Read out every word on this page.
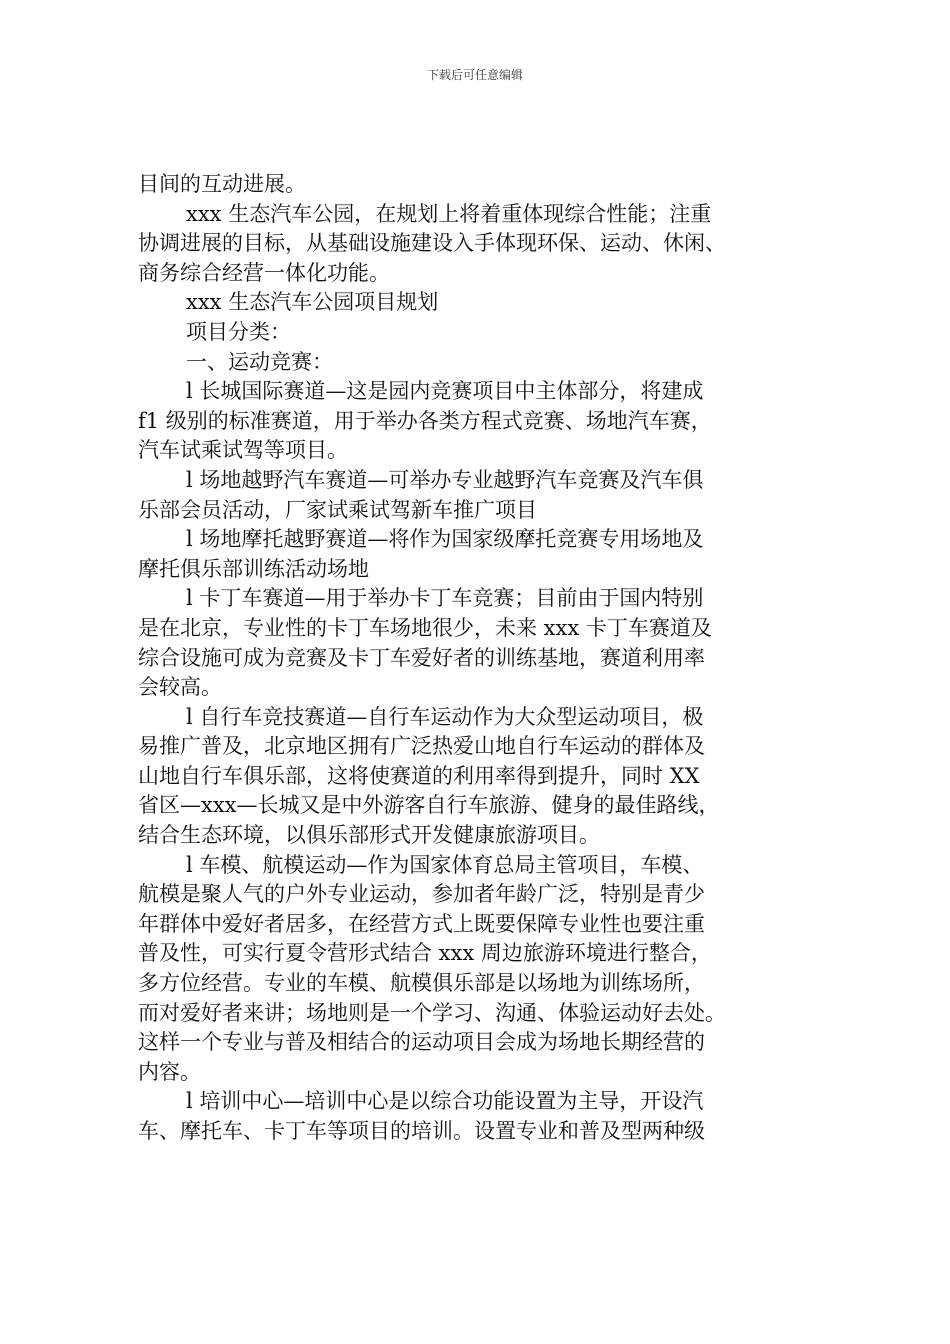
下载后可任意编辑
目间的互动进展。
xxx 生态汽车公园，在规划上将着重体现综合性能；注重
协调进展的目标，从基础设施建设入手体现环保、运动、休闲、
商务综合经营一体化功能。
xxx 生态汽车公园项目规划
项目分类：
一、运动竞赛：
l 长城国际赛道—这是园内竞赛项目中主体部分，将建成
f1 级别的标准赛道，用于举办各类方程式竞赛、场地汽车赛，
汽车试乘试驾等项目。
l 场地越野汽车赛道—可举办专业越野汽车竞赛及汽车俱
乐部会员活动，厂家试乘试驾新车推广项目
l 场地摩托越野赛道—将作为国家级摩托竞赛专用场地及
摩托俱乐部训练活动场地
l 卡丁车赛道—用于举办卡丁车竞赛；目前由于国内特别
是在北京，专业性的卡丁车场地很少，未来 xxx 卡丁车赛道及
综合设施可成为竞赛及卡丁车爱好者的训练基地，赛道利用率
会较高。
l 自行车竞技赛道—自行车运动作为大众型运动项目，极
易推广普及，北京地区拥有广泛热爱山地自行车运动的群体及
山地自行车俱乐部，这将使赛道的利用率得到提升，同时 XX
省区—xxx—长城又是中外游客自行车旅游、健身的最佳路线，
结合生态环境，以俱乐部形式开发健康旅游项目。
l 车模、航模运动—作为国家体育总局主管项目，车模、
航模是聚人气的户外专业运动，参加者年龄广泛，特别是青少
年群体中爱好者居多，在经营方式上既要保障专业性也要注重
普及性，可实行夏令营形式结合 xxx 周边旅游环境进行整合，
多方位经营。专业的车模、航模俱乐部是以场地为训练场所，
而对爱好者来讲；场地则是一个学习、沟通、体验运动好去处。
这样一个专业与普及相结合的运动项目会成为场地长期经营的
内容。
l 培训中心—培训中心是以综合功能设置为主导，开设汽
车、摩托车、卡丁车等项目的培训。设置专业和普及型两种级
